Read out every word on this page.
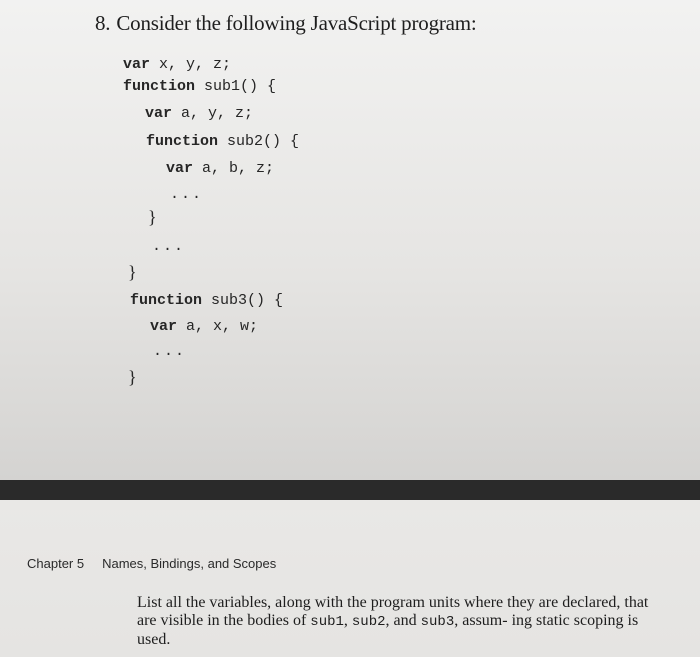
8. Consider the following JavaScript program:
var x, y, z;
function sub1() {
var a, y, z;
function sub2() {
var a, b, z;
...
}
...
}
function sub3() {
var a, x, w;
...
}
Chapter 5 Names, Bindings, and Scopes
List all the variables, along with the program units where they are declared, that are visible in the bodies of sub1, sub2, and sub3, assum- ing static scoping is used.
